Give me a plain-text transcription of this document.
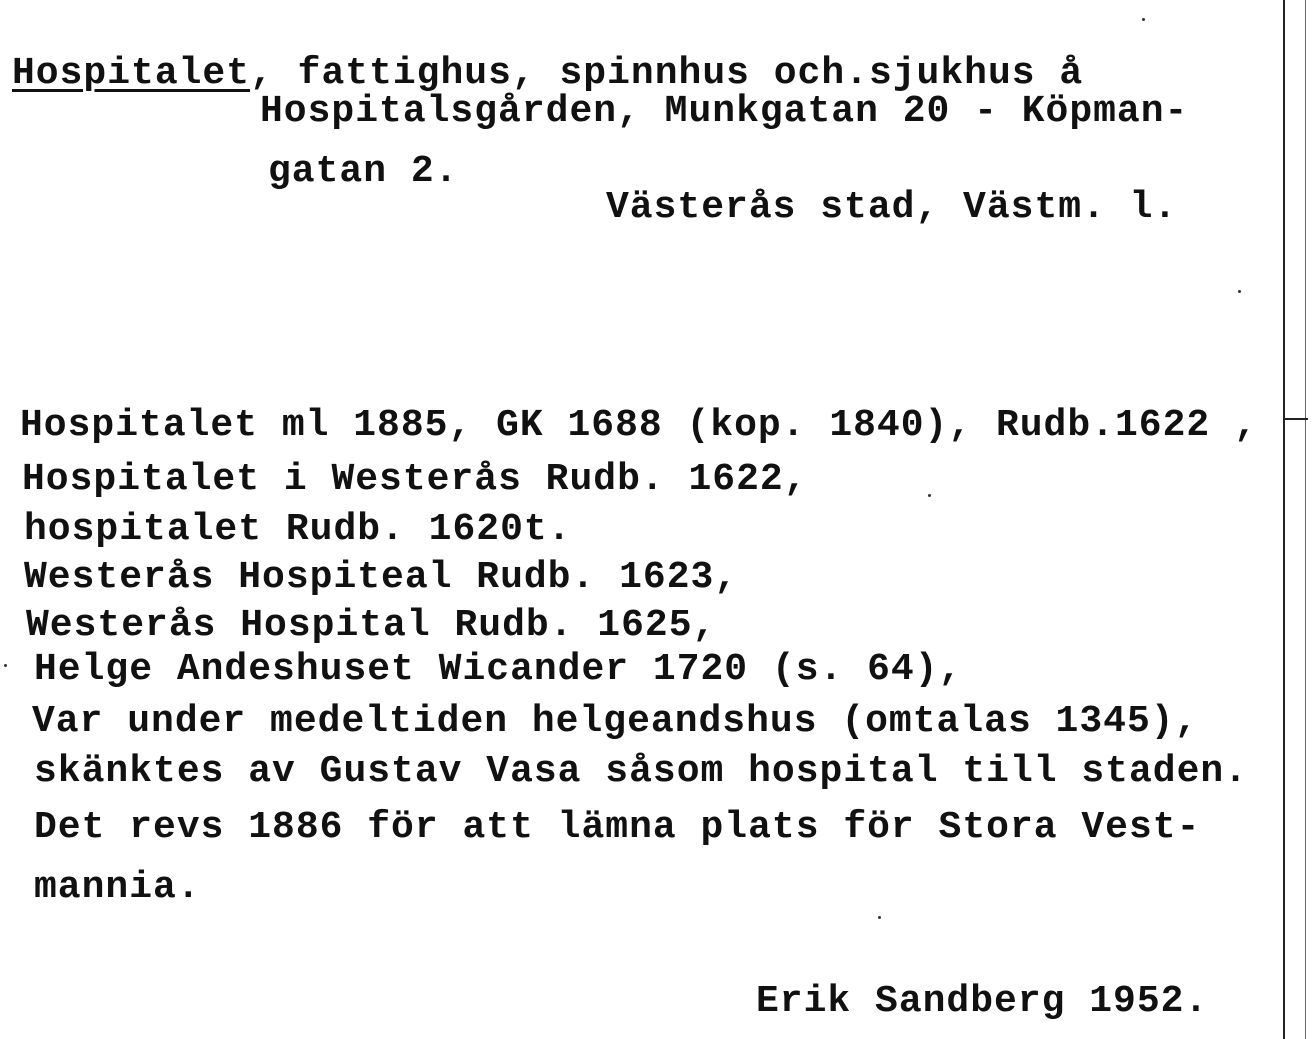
Hospitalet, fattighus, spinnhus och.sjukhus å
Hospitalsgården, Munkgatan 20 - Köpman-
gatan 2.
Västerås stad, Västm. l.
Hospitalet ml 1885, GK 1688 (kop. 1840), Rudb.1622 ,
Hospitalet i Westerås Rudb. 1622,
hospitalet Rudb. 1620t.
Westerås Hospiteal Rudb. 1623,
Westerås Hospital Rudb. 1625,
Helge Andeshuset Wicander 1720 (s. 64),
Var under medeltiden helgeandshus (omtalas 1345),
skänktes av Gustav Vasa såsom hospital till staden.
Det revs 1886 för att lämna plats för Stora Vest-
mannia.
Erik Sandberg 1952.
